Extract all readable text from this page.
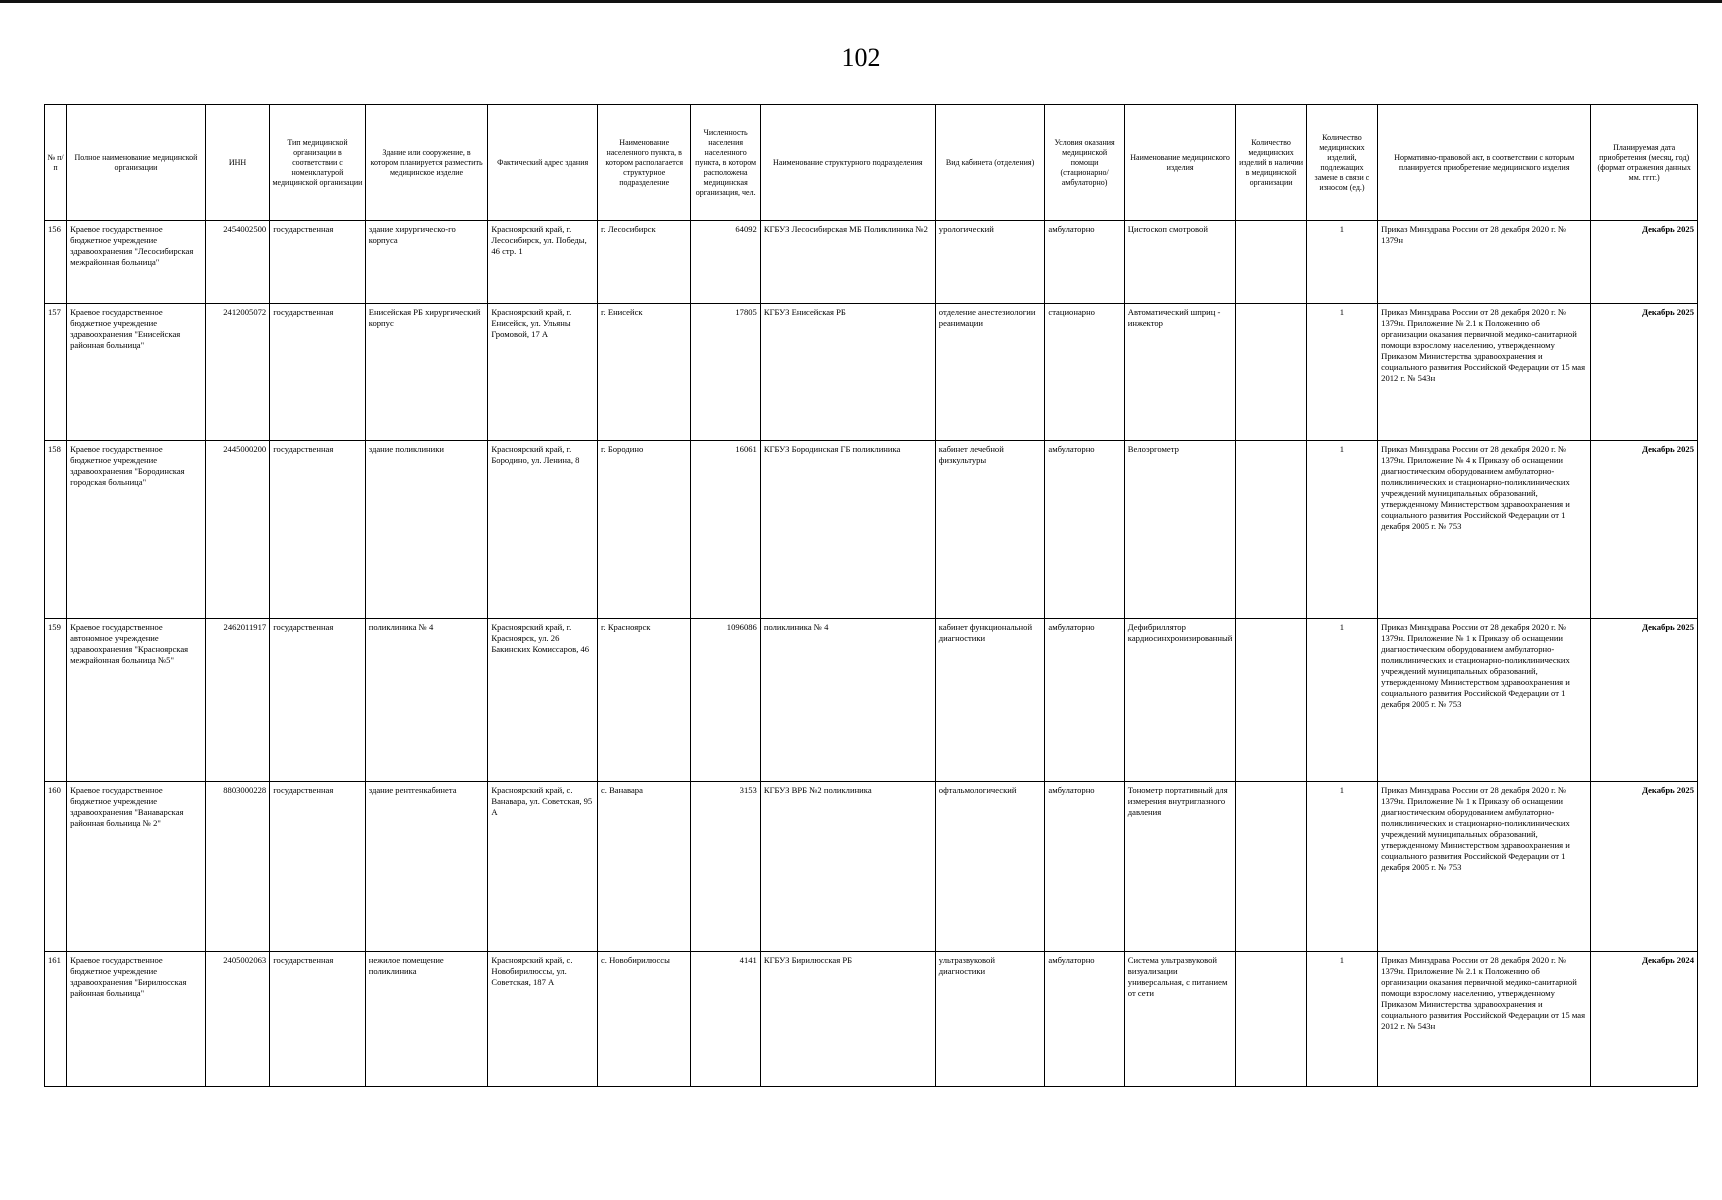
102
№ п/п	Полное наименование медицинской организации	ИНН	Тип медицинской организации в соответствии с номенклатурой медицинской организации	Здание или сооружение, в котором планируется разместить медицинское изделие	Фактический адрес здания	Наименование населенного пункта, в котором располагается структурное подразделение	Численность населения населенного пункта, в котором расположена медицинская организация, чел.	Наименование структурного подразделения	Вид кабинета (отделения)	Условия оказания медицинской помощи (стационарно/амбулаторно)	Наименование медицинского изделия	Количество медицинских изделий в наличии в медицинской организации	Количество медицинских изделий, подлежащих замене в связи с износом (ед.)	Нормативно-правовой акт, в соответствии с которым планируется приобретение медицинского изделия	Планируемая дата приобретения (месяц, год) (формат отражения данных мм. гггг.)
156	Краевое государственное бюджетное учреждение здравоохранения "Лесосибирская межрайонная больница"	2454002500	государственная	здание хирургическо-го корпуса	Красноярский край, г. Лесосибирск, ул. Победы, 46 стр. 1	г. Лесосибирск	64092	КГБУЗ Лесосибирская МБ Поликлиника №2	урологический	амбулаторно	Цистоскоп смотровой		1	Приказ Минздрава России от 28 декабря 2020 г. № 1379н	Декабрь 2025
157	Краевое государственное бюджетное учреждение здравоохранения "Енисейская районная больница"	2412005072	государственная	Енисейская РБ хирургический корпус	Красноярский край, г. Енисейск, ул. Ульяны Громовой, 17 А	г. Енисейск	17805	КГБУЗ Енисейская РБ	отделение анестезиологии реанимации	стационарно	Автоматический шприц - инжектор		1	Приказ Минздрава России от 28 декабря 2020 г. № 1379н. Приложение № 2.1 к Положению об организации оказания первичной медико-санитарной помощи взрослому населению, утвержденному Приказом Министерства здравоохранения и социального развития Российской Федерации от 15 мая 2012 г. № 543н	Декабрь 2025
158	Краевое государственное бюджетное учреждение здравоохранения "Бородинская городская больница"	2445000200	государственная	здание поликлиники	Красноярский край, г. Бородино, ул. Ленина, 8	г. Бородино	16061	КГБУЗ Бородинская ГБ поликлиника	кабинет лечебной физкультуры	амбулаторно	Велоэргометр		1	Приказ Минздрава России от 28 декабря 2020 г. № 1379н. Приложение № 4 к Приказу об оснащении диагностическим оборудованием амбулаторно-поликлинических и стационарно-поликлинических учреждений муниципальных образований, утвержденному Министерством здравоохранения и социального развития Российской Федерации от 1 декабря 2005 г. № 753	Декабрь 2025
159	Краевое государственное автономное учреждение здравоохранения "Красноярская межрайонная больница №5"	2462011917	государственная	поликлиника № 4	Красноярский край, г. Красноярск, ул. 26 Бакинских Комиссаров, 46	г. Красноярск	1096086	поликлиника № 4	кабинет функциональной диагностики	амбулаторно	Дефибриллятор кардиосинхронизированный		1	Приказ Минздрава России от 28 декабря 2020 г. № 1379н. Приложение № 1 к Приказу об оснащении диагностическим оборудованием амбулаторно-поликлинических и стационарно-поликлинических учреждений муниципальных образований, утвержденному Министерством здравоохранения и социального развития Российской Федерации от 1 декабря 2005 г. № 753	Декабрь 2025
160	Краевое государственное бюджетное учреждение здравоохранения "Ванаварская районная больница № 2"	8803000228	государственная	здание рентгенкабинета	Красноярский край, с. Ванавара, ул. Советская, 95 А	с. Ванавара	3153	КГБУЗ ВРБ №2 поликлиника	офтальмологический	амбулаторно	Тонометр портативный для измерения внутриглазного давления		1	Приказ Минздрава России от 28 декабря 2020 г. № 1379н. Приложение № 1 к Приказу об оснащении диагностическим оборудованием амбулаторно-поликлинических и стационарно-поликлинических учреждений муниципальных образований, утвержденному Министерством здравоохранения и социального развития Российской Федерации от 1 декабря 2005 г. № 753	Декабрь 2025
161	Краевое государственное бюджетное учреждение здравоохранения "Бирилюсская районная больница"	2405002063	государственная	нежилое помещение поликлиника	Красноярский край, с. Новобирилюссы, ул. Советская, 187 А	с. Новобирилюссы	4141	КГБУЗ Бирилюсская РБ	ультразвуковой диагностики	амбулаторно	Система ультразвуковой визуализации универсальная, с питанием от сети		1	Приказ Минздрава России от 28 декабря 2020 г. № 1379н. Приложение № 2.1 к Положению об организации оказания первичной медико-санитарной помощи взрослому населению, утвержденному Приказом Министерства здравоохранения и социального развития Российской Федерации от 15 мая 2012 г. № 543н	Декабрь 2024
